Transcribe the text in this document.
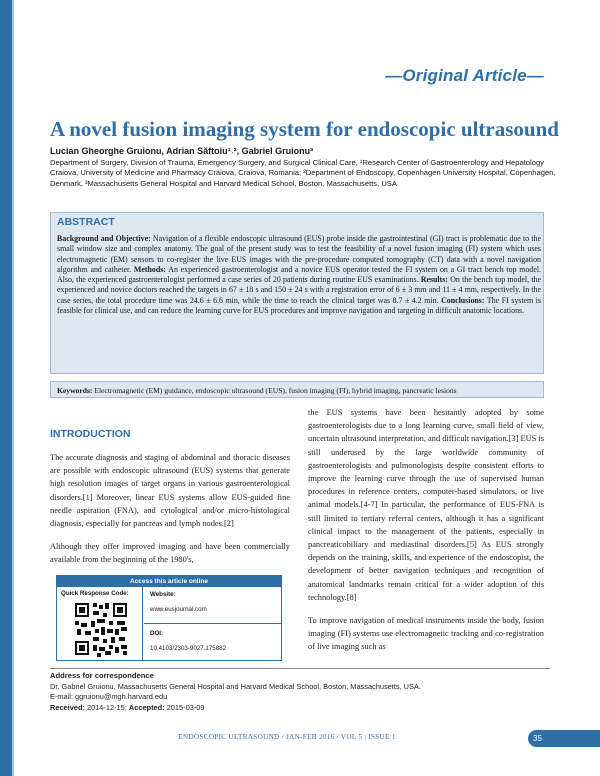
—Original Article—
A novel fusion imaging system for endoscopic ultrasound
Lucian Gheorghe Gruionu, Adrian Săftoiu¹˒², Gabriel Gruionu³
Department of Surgery, Division of Trauma, Emergency Surgery, and Surgical Clinical Care, ¹Research Center of Gastroenterology and Hepatology Craiova, University of Medicine and Pharmacy Craiova, Craiova, Romania; ²Department of Endoscopy, Copenhagen University Hospital, Copenhagen, Denmark, ³Massachusetts General Hospital and Harvard Medical School, Boston, Massachusetts, USA
ABSTRACT
Background and Objective: Navigation of a flexible endoscopic ultrasound (EUS) probe inside the gastrointestinal (GI) tract is problematic due to the small window size and complex anatomy. The goal of the present study was to test the feasibility of a novel fusion imaging (FI) system which uses electromagnetic (EM) sensors to co-register the live EUS images with the pre-procedure computed tomography (CT) data with a novel navigation algorithm and catheter. Methods: An experienced gastroenterologist and a novice EUS operator tested the FI system on a GI tract bench top model. Also, the experienced gastroenterologist performed a case series of 20 patients during routine EUS examinations. Results: On the bench top model, the experienced and novice doctors reached the targets in 67 ± 18 s and 150 ± 24 s with a registration error of 6 ± 3 mm and 11 ± 4 mm, respectively. In the case series, the total procedure time was 24.6 ± 6.6 min, while the time to reach the clinical target was 8.7 ± 4.2 min. Conclusions: The FI system is feasible for clinical use, and can reduce the learning curve for EUS procedures and improve navigation and targeting in difficult anatomic locations.
Keywords: Electromagnetic (EM) guidance, endoscopic ultrasound (EUS), fusion imaging (FI), hybrid imaging, pancreatic lesions
INTRODUCTION

The accurate diagnosis and staging of abdominal and thoracic diseases are possible with endoscopic ultrasound (EUS) systems that generate high resolution images of target organs in various gastroenterological disorders.[1] Moreover, linear EUS systems allow EUS-guided fine needle aspiration (FNA), and cytological and/or micro-histological diagnosis, especially for pancreas and lymph nodes.[2]

Although they offer improved imaging and have been commercially available from the beginning of the 1980's,

the EUS systems have been hesitantly adopted by some gastroenterologists due to a long learning curve, small field of view, uncertain ultrasound interpretation, and difficult navigation.[3] EUS is still underused by the large worldwide community of gastroenterologists and pulmonologists despite consistent efforts to improve the learning curve through the use of supervised human procedures in reference centers, computer-based simulators, or live animal models.[4-7] In particular, the performance of EUS-FNA is still limited to tertiary referral centers, although it has a significant clinical impact to the management of the patients, especially in pancreaticobiliary and mediastinal disorders.[5] As EUS strongly depends on the training, skills, and experience of the endoscopist, the development of better navigation techniques and recognition of anatomical landmarks remain critical for a wider adoption of this technology.[8]

To improve navigation of medical instruments inside the body, fusion imaging (FI) systems use electromagnetic tracking and co-registration of live imaging such as

Access this article online
Quick Response Code:	Website:
www.eusjournal.com
DOI:
10.4103/2303-9027.175882
Address for correspondence
Dr. Gabriel Gruionu, Massachusetts General Hospital and Harvard Medical School, Boston, Massachusetts, USA.
E-mail: ggruionu@mgh.harvard.edu
Received: 2014-12-15; Accepted: 2015-03-09
ENDOSCOPIC ULTRASOUND / JAN-FEB 2016 / VOL 5 | ISSUE 1	35
